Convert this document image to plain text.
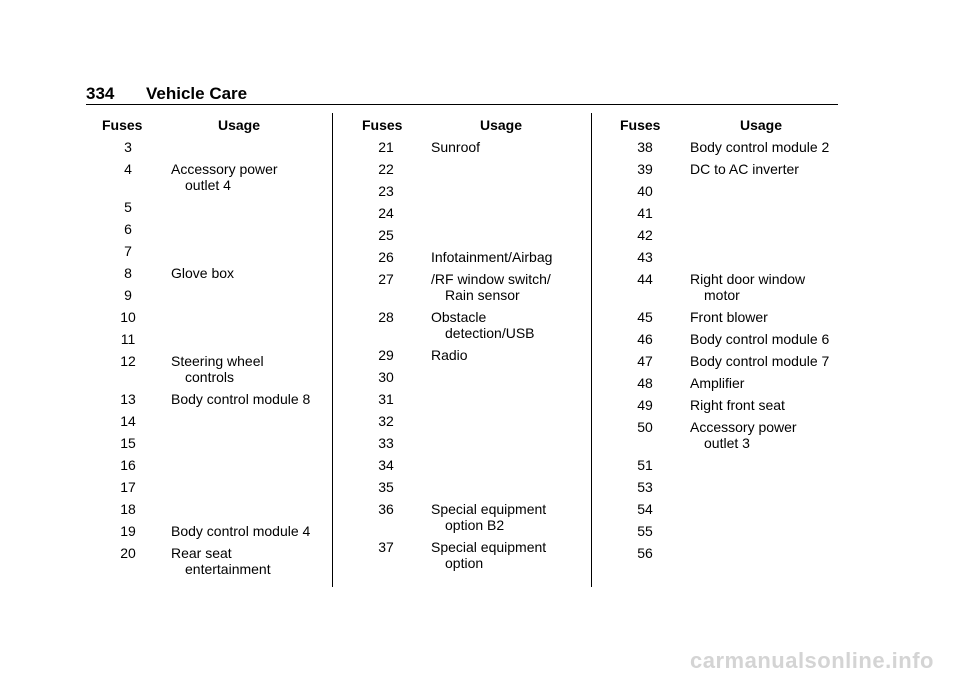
334 Vehicle Care
Fuses	Usage
3
4	Accessory power
outlet 4
5
6
7
8	Glove box
9
10
11
12	Steering wheel
controls
13	Body control module 8
14
15
16
17
18
19	Body control module 4
20	Rear seat
entertainment
Fuses	Usage
21	Sunroof
22
23
24
25
26	Infotainment/Airbag
27	/RF window switch/
Rain sensor
28	Obstacle
detection/USB
29	Radio
30
31
32
33
34
35
36	Special equipment
option B2
37	Special equipment
option
Fuses	Usage
38	Body control module 2
39	DC to AC inverter
40
41
42
43
44	Right door window
motor
45	Front blower
46	Body control module 6
47	Body control module 7
48	Amplifier
49	Right front seat
50	Accessory power
outlet 3
51
53
54
55
56
carmanualsonline.info
